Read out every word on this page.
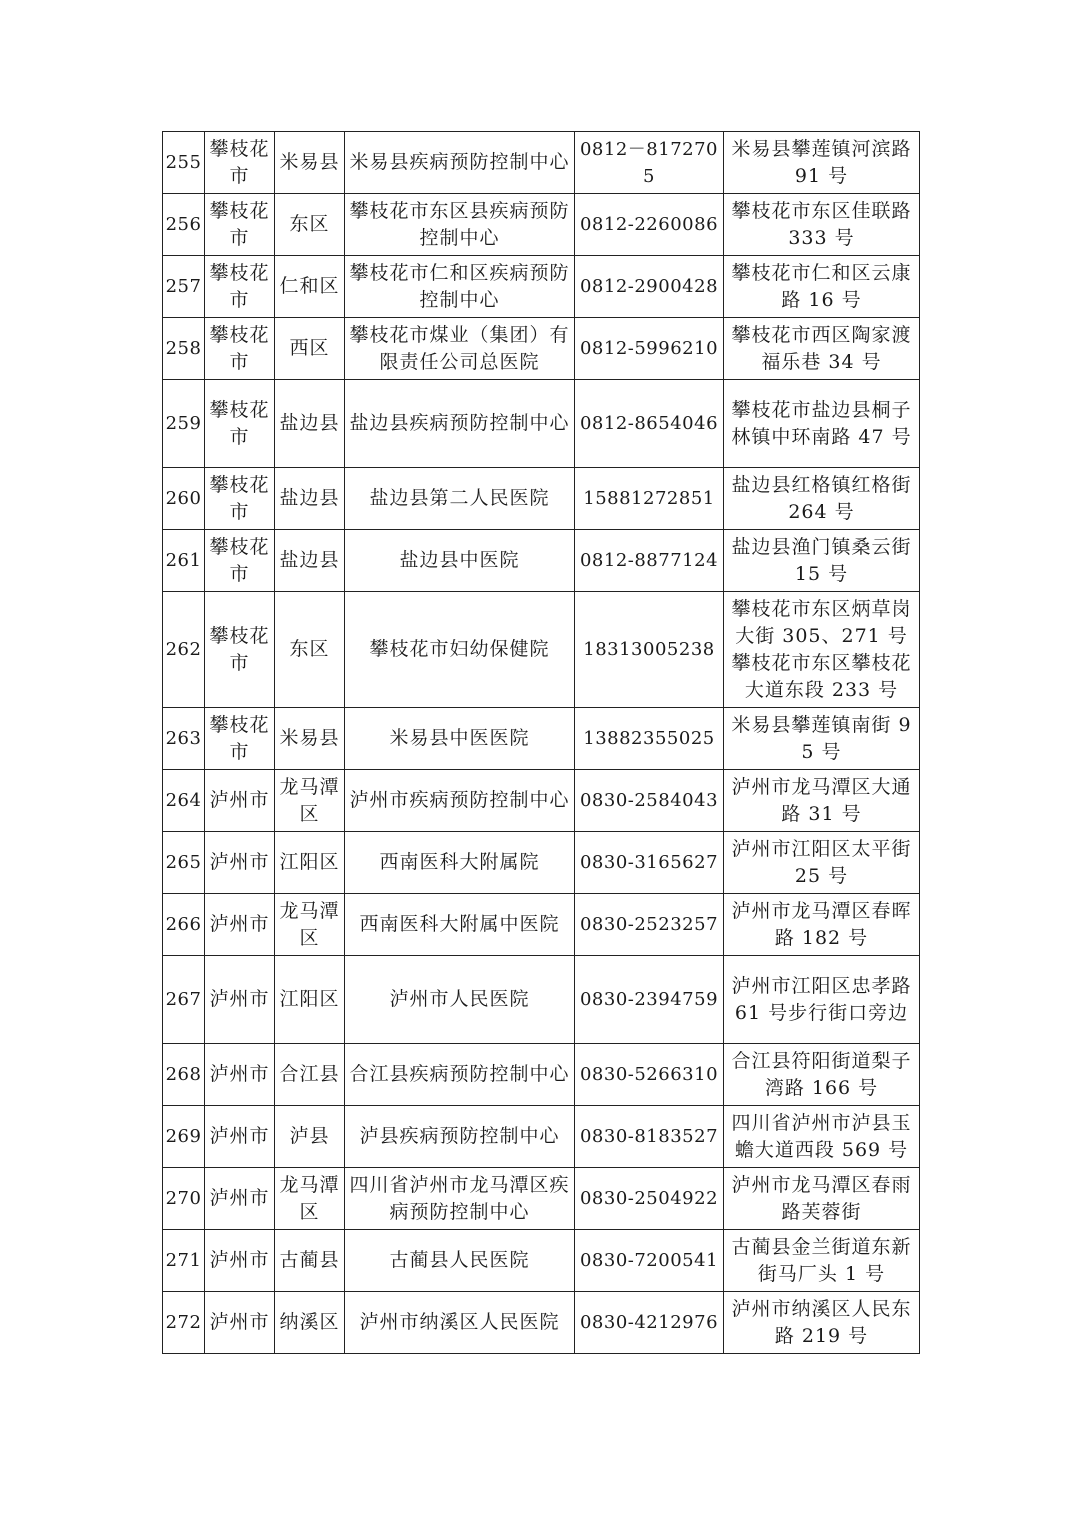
255	攀枝花市	米易县	米易县疾病预防控制中心	0812－8172705	米易县攀莲镇河滨路 91 号
256	攀枝花市	东区	攀枝花市东区县疾病预防控制中心	0812-2260086	攀枝花市东区佳联路 333 号
257	攀枝花市	仁和区	攀枝花市仁和区疾病预防控制中心	0812-2900428	攀枝花市仁和区云康路 16 号
258	攀枝花市	西区	攀枝花市煤业（集团）有限责任公司总医院	0812-5996210	攀枝花市西区陶家渡福乐巷 34 号
259	攀枝花市	盐边县	盐边县疾病预防控制中心	0812-8654046	攀枝花市盐边县桐子林镇中环南路 47 号
260	攀枝花市	盐边县	盐边县第二人民医院	15881272851	盐边县红格镇红格街 264 号
261	攀枝花市	盐边县	盐边县中医院	0812-8877124	盐边县渔门镇桑云街 15 号
262	攀枝花市	东区	攀枝花市妇幼保健院	18313005238	攀枝花市东区炳草岗大街 305、271 号攀枝花市东区攀枝花大道东段 233 号
263	攀枝花市	米易县	米易县中医医院	13882355025	米易县攀莲镇南街 95 号
264	泸州市	龙马潭区	泸州市疾病预防控制中心	0830-2584043	泸州市龙马潭区大通路 31 号
265	泸州市	江阳区	西南医科大附属院	0830-3165627	泸州市江阳区太平街 25 号
266	泸州市	龙马潭区	西南医科大附属中医院	0830-2523257	泸州市龙马潭区春晖路 182 号
267	泸州市	江阳区	泸州市人民医院	0830-2394759	泸州市江阳区忠孝路 61 号步行街口旁边
268	泸州市	合江县	合江县疾病预防控制中心	0830-5266310	合江县符阳街道梨子湾路 166 号
269	泸州市	泸县	泸县疾病预防控制中心	0830-8183527	四川省泸州市泸县玉蟾大道西段 569 号
270	泸州市	龙马潭区	四川省泸州市龙马潭区疾病预防控制中心	0830-2504922	泸州市龙马潭区春雨路芙蓉街
271	泸州市	古蔺县	古蔺县人民医院	0830-7200541	古蔺县金兰街道东新街马厂头 1 号
272	泸州市	纳溪区	泸州市纳溪区人民医院	0830-4212976	泸州市纳溪区人民东路 219 号
